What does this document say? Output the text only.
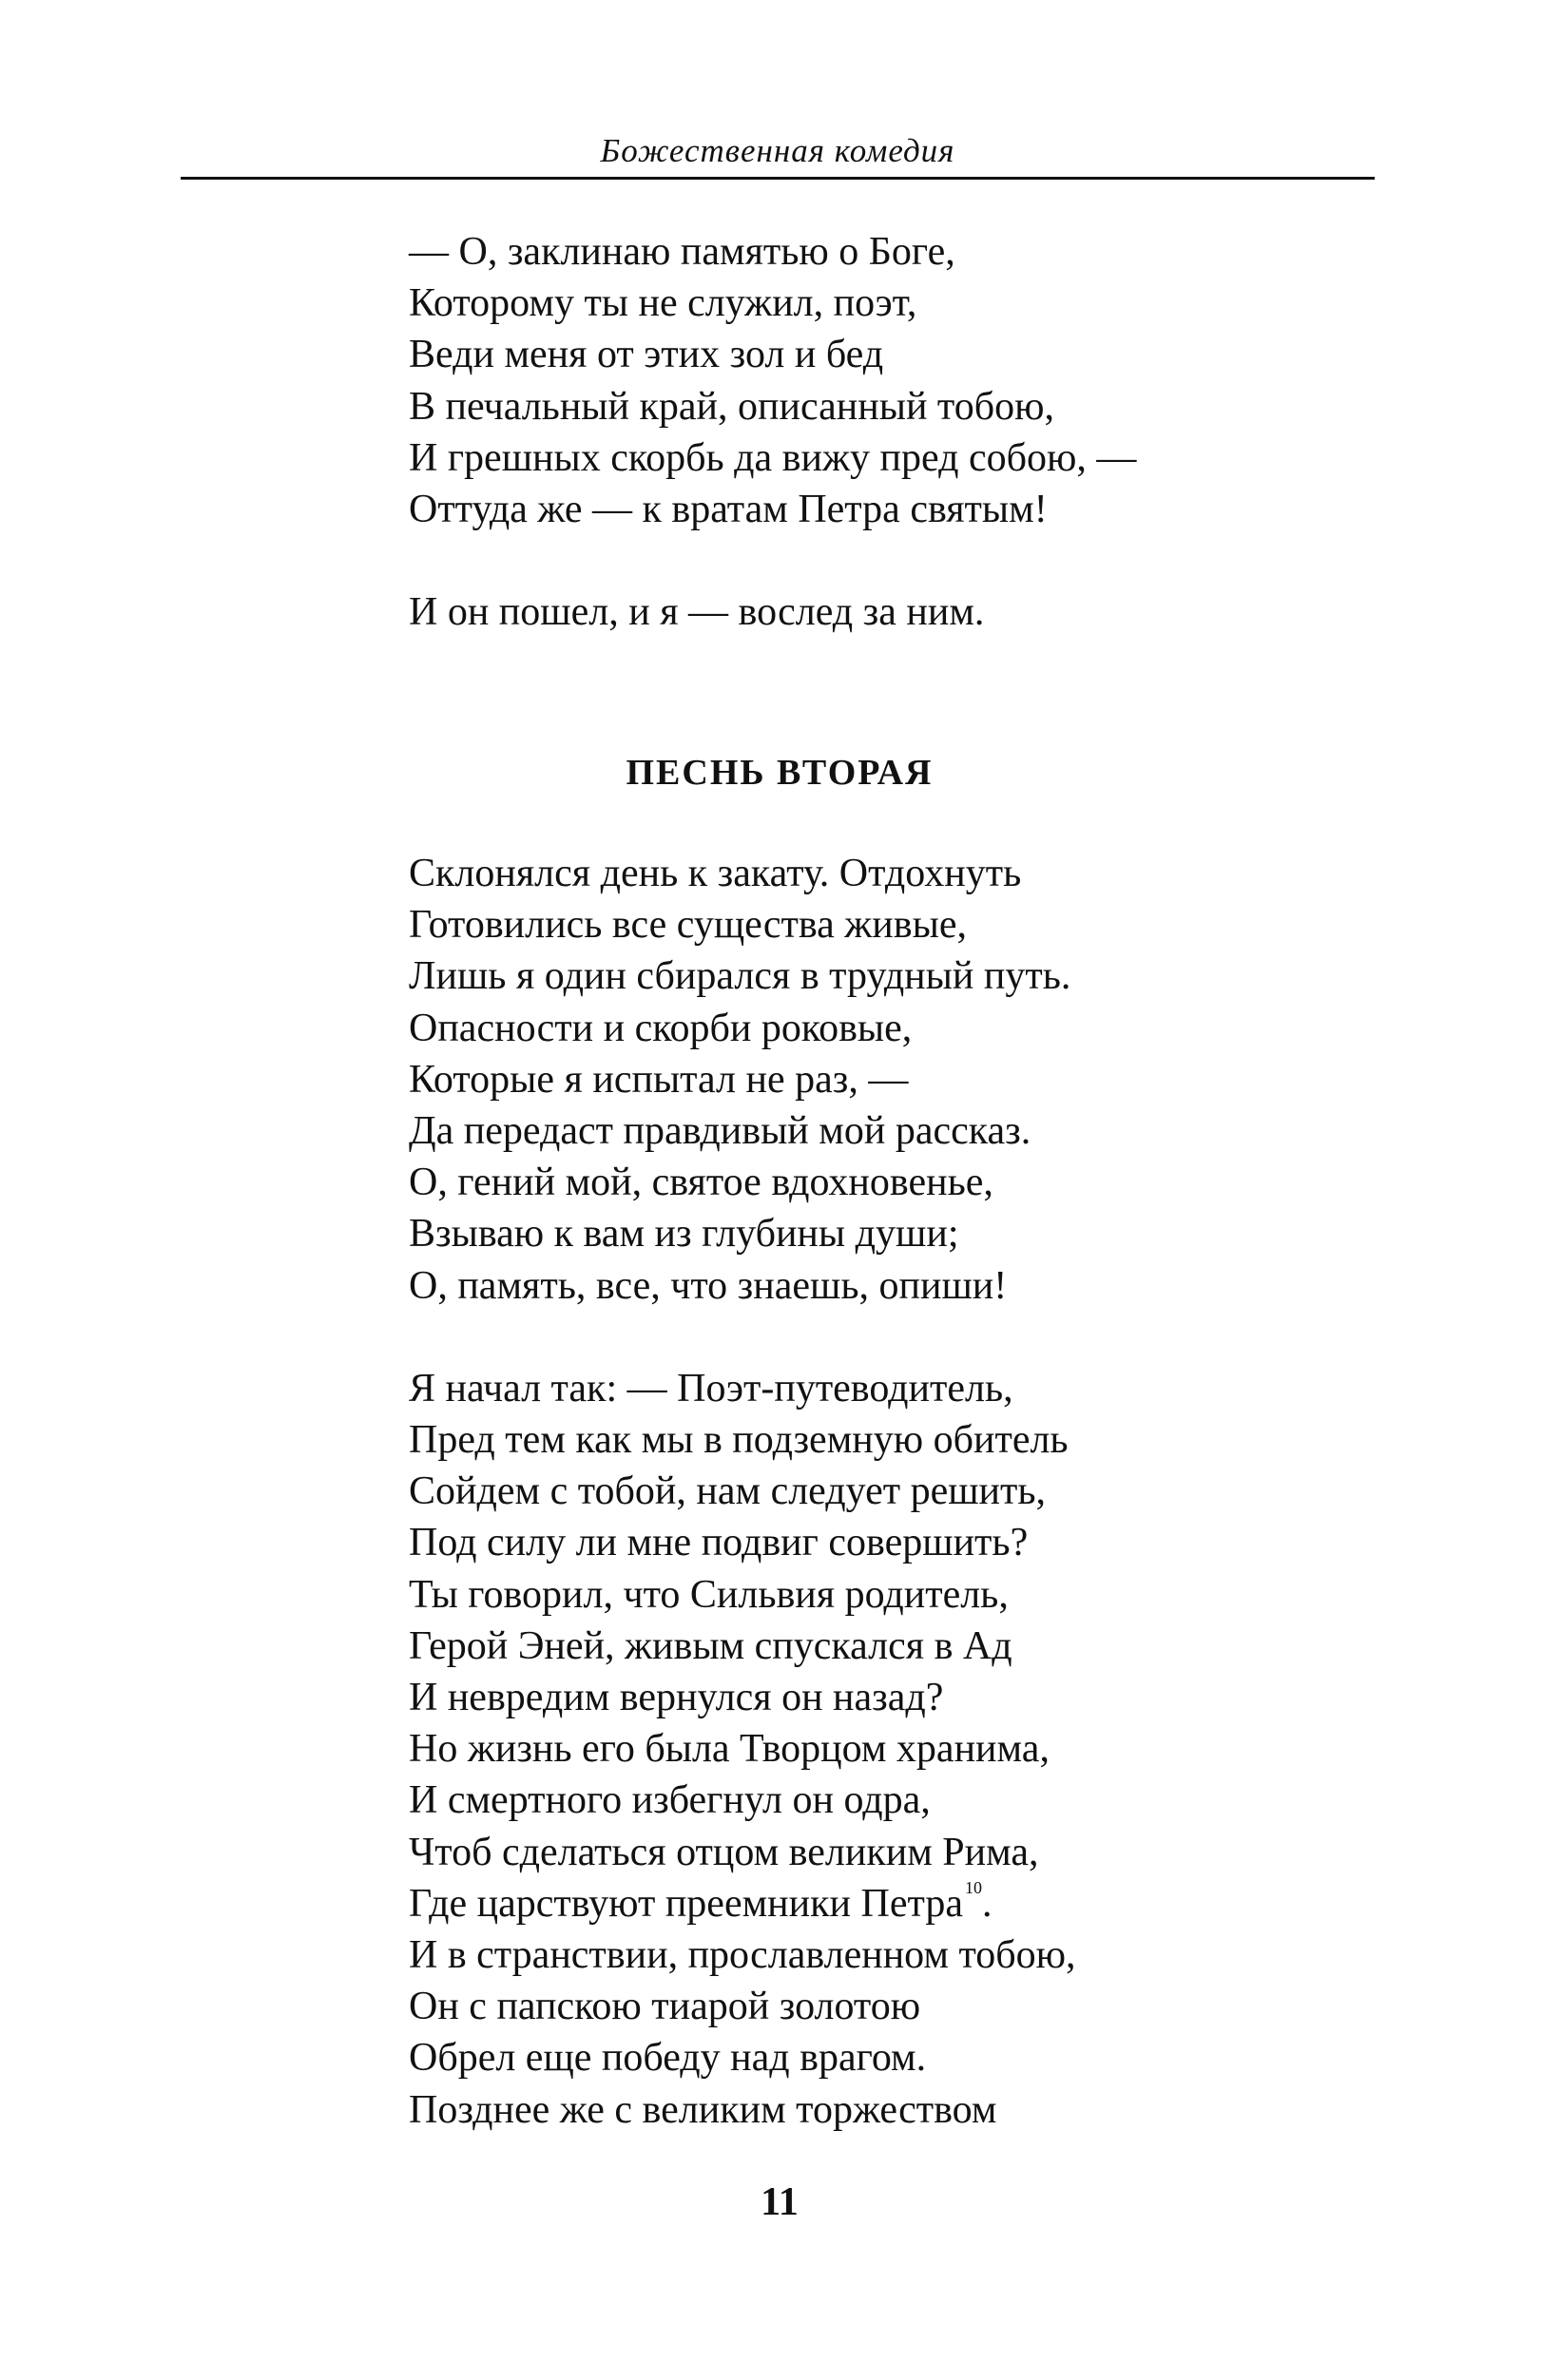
Божественная комедия
— О, заклинаю памятью о Боге,
Которому ты не служил, поэт,
Веди меня от этих зол и бед
В печальный край, описанный тобою,
И грешных скорбь да вижу пред собою, —
Оттуда же — к вратам Петра святым!
И он пошел, и я — вослед за ним.
ПЕСНЬ ВТОРАЯ
Склонялся день к закату. Отдохнуть
Готовились все существа живые,
Лишь я один сбирался в трудный путь.
Опасности и скорби роковые,
Которые я испытал не раз, —
Да передаст правдивый мой рассказ.
О, гений мой, святое вдохновенье,
Взываю к вам из глубины души;
О, память, все, что знаешь, опиши!
Я начал так: — Поэт-путеводитель,
Пред тем как мы в подземную обитель
Сойдем с тобой, нам следует решить,
Под силу ли мне подвиг совершить?
Ты говорил, что Сильвия родитель,
Герой Эней, живым спускался в Ад
И невредим вернулся он назад?
Но жизнь его была Творцом хранима,
И смертного избегнул он одра,
Чтоб сделаться отцом великим Рима,
Где царствуют преемники Петра $^{10}$.
И в странствии, прославленном тобою,
Он с папскою тиарой золотою
Обрел еще победу над врагом.
Позднее же с великим торжеством
11
